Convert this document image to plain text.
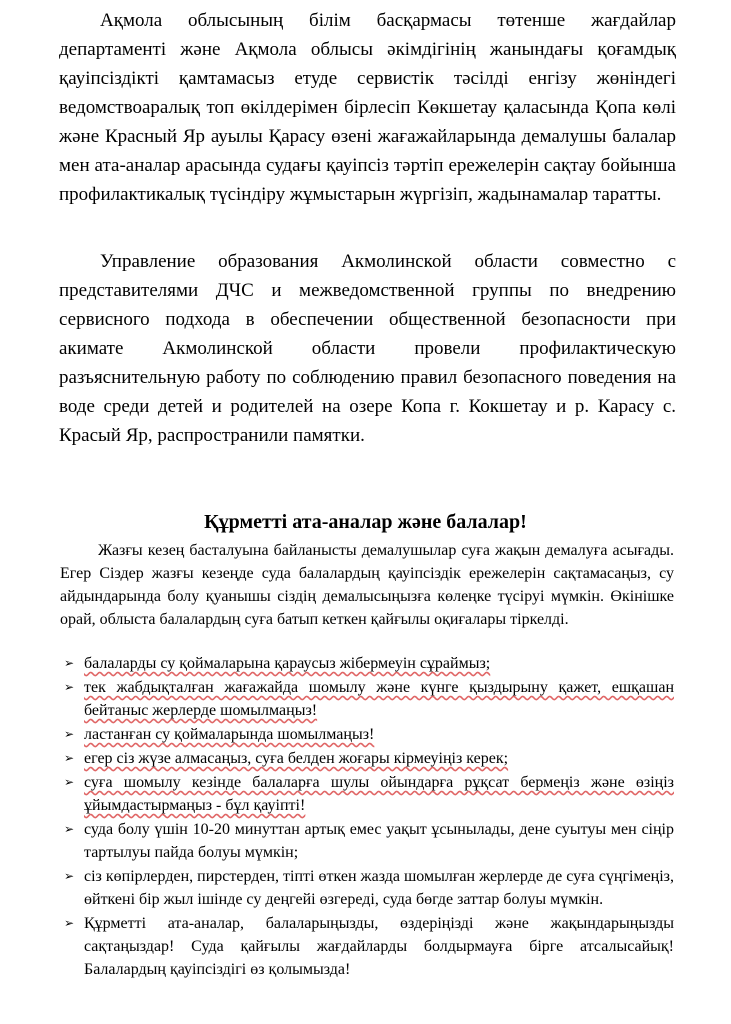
Ақмола облысының білім басқармасы төтенше жағдайлар департаменті және Ақмола облысы әкімдігінің жанындағы қоғамдық қауіпсіздікті қамтамасыз етуде сервистік тәсілді енгізу жөніндегі ведомствоаралық топ өкілдерімен бірлесіп Көкшетау қаласында Қопа көлі және Красный Яр ауылы Қарасу өзені жағажайларында демалушы балалар мен ата-аналар арасында судағы қауіпсіз тәртіп ережелерін сақтау бойынша профилактикалық түсіндіру жұмыстарын жүргізіп, жадынамалар таратты.

Управление образования Акмолинской области совместно с представителями ДЧС и межведомственной группы по внедрению сервисного подхода в обеспечении общественной безопасности при акимате Акмолинской области провели профилактическую разъяснительную работу по соблюдению правил безопасного поведения на воде среди детей и родителей на озере Копа г. Кокшетау и р. Карасу с. Красый Яр, распространили памятки.

Құрметті ата-аналар және балалар!

Жазғы кезең басталуына байланысты демалушылар суға жақын демалуға асығады. Егер Сіздер жазғы кезеңде суда балалардың қауіпсіздік ережелерін сақтамасаңыз, су айдындарында болу қуанышы сіздің демалысыңызға көлеңке түсіруі мүмкін. Өкінішке орай, облыста балалардың суға батып кеткен қайғылы оқиғалары тіркелді.

➢ балаларды су қоймаларына қараусыз жібермеуін сұраймыз;
➢ тек жабдықталған жағажайда шомылу және күнге қыздырыну қажет, ешқашан бейтаныс жерлерде шомылмаңыз!
➢ ластанған су қоймаларында шомылмаңыз!
➢ егер сіз жүзе алмасаңыз, суға белден жоғары кірмеуіңіз керек;
➢ суға шомылу кезінде балаларға шулы ойындарға рұқсат бермеңіз және өзіңіз ұйымдастырмаңыз - бұл қауіпті!
➢ суда болу үшін 10-20 минуттан артық емес уақыт ұсынылады, дене суытуы мен сіңір тартылуы пайда болуы мүмкін;
➢ сіз көпірлерден, пирстерден, тіпті өткен жазда шомылған жерлерде де суға сүңгімеңіз, өйткені бір жыл ішінде су деңгейі өзгереді, суда бөгде заттар болуы мүмкін.
➢ Құрметті ата-аналар, балаларыңызды, өздеріңізді және жақындарыңызды сақтаңыздар! Суда қайғылы жағдайларды болдырмауға бірге атсалысайық! Балалардың қауіпсіздігі өз қолымызда!
